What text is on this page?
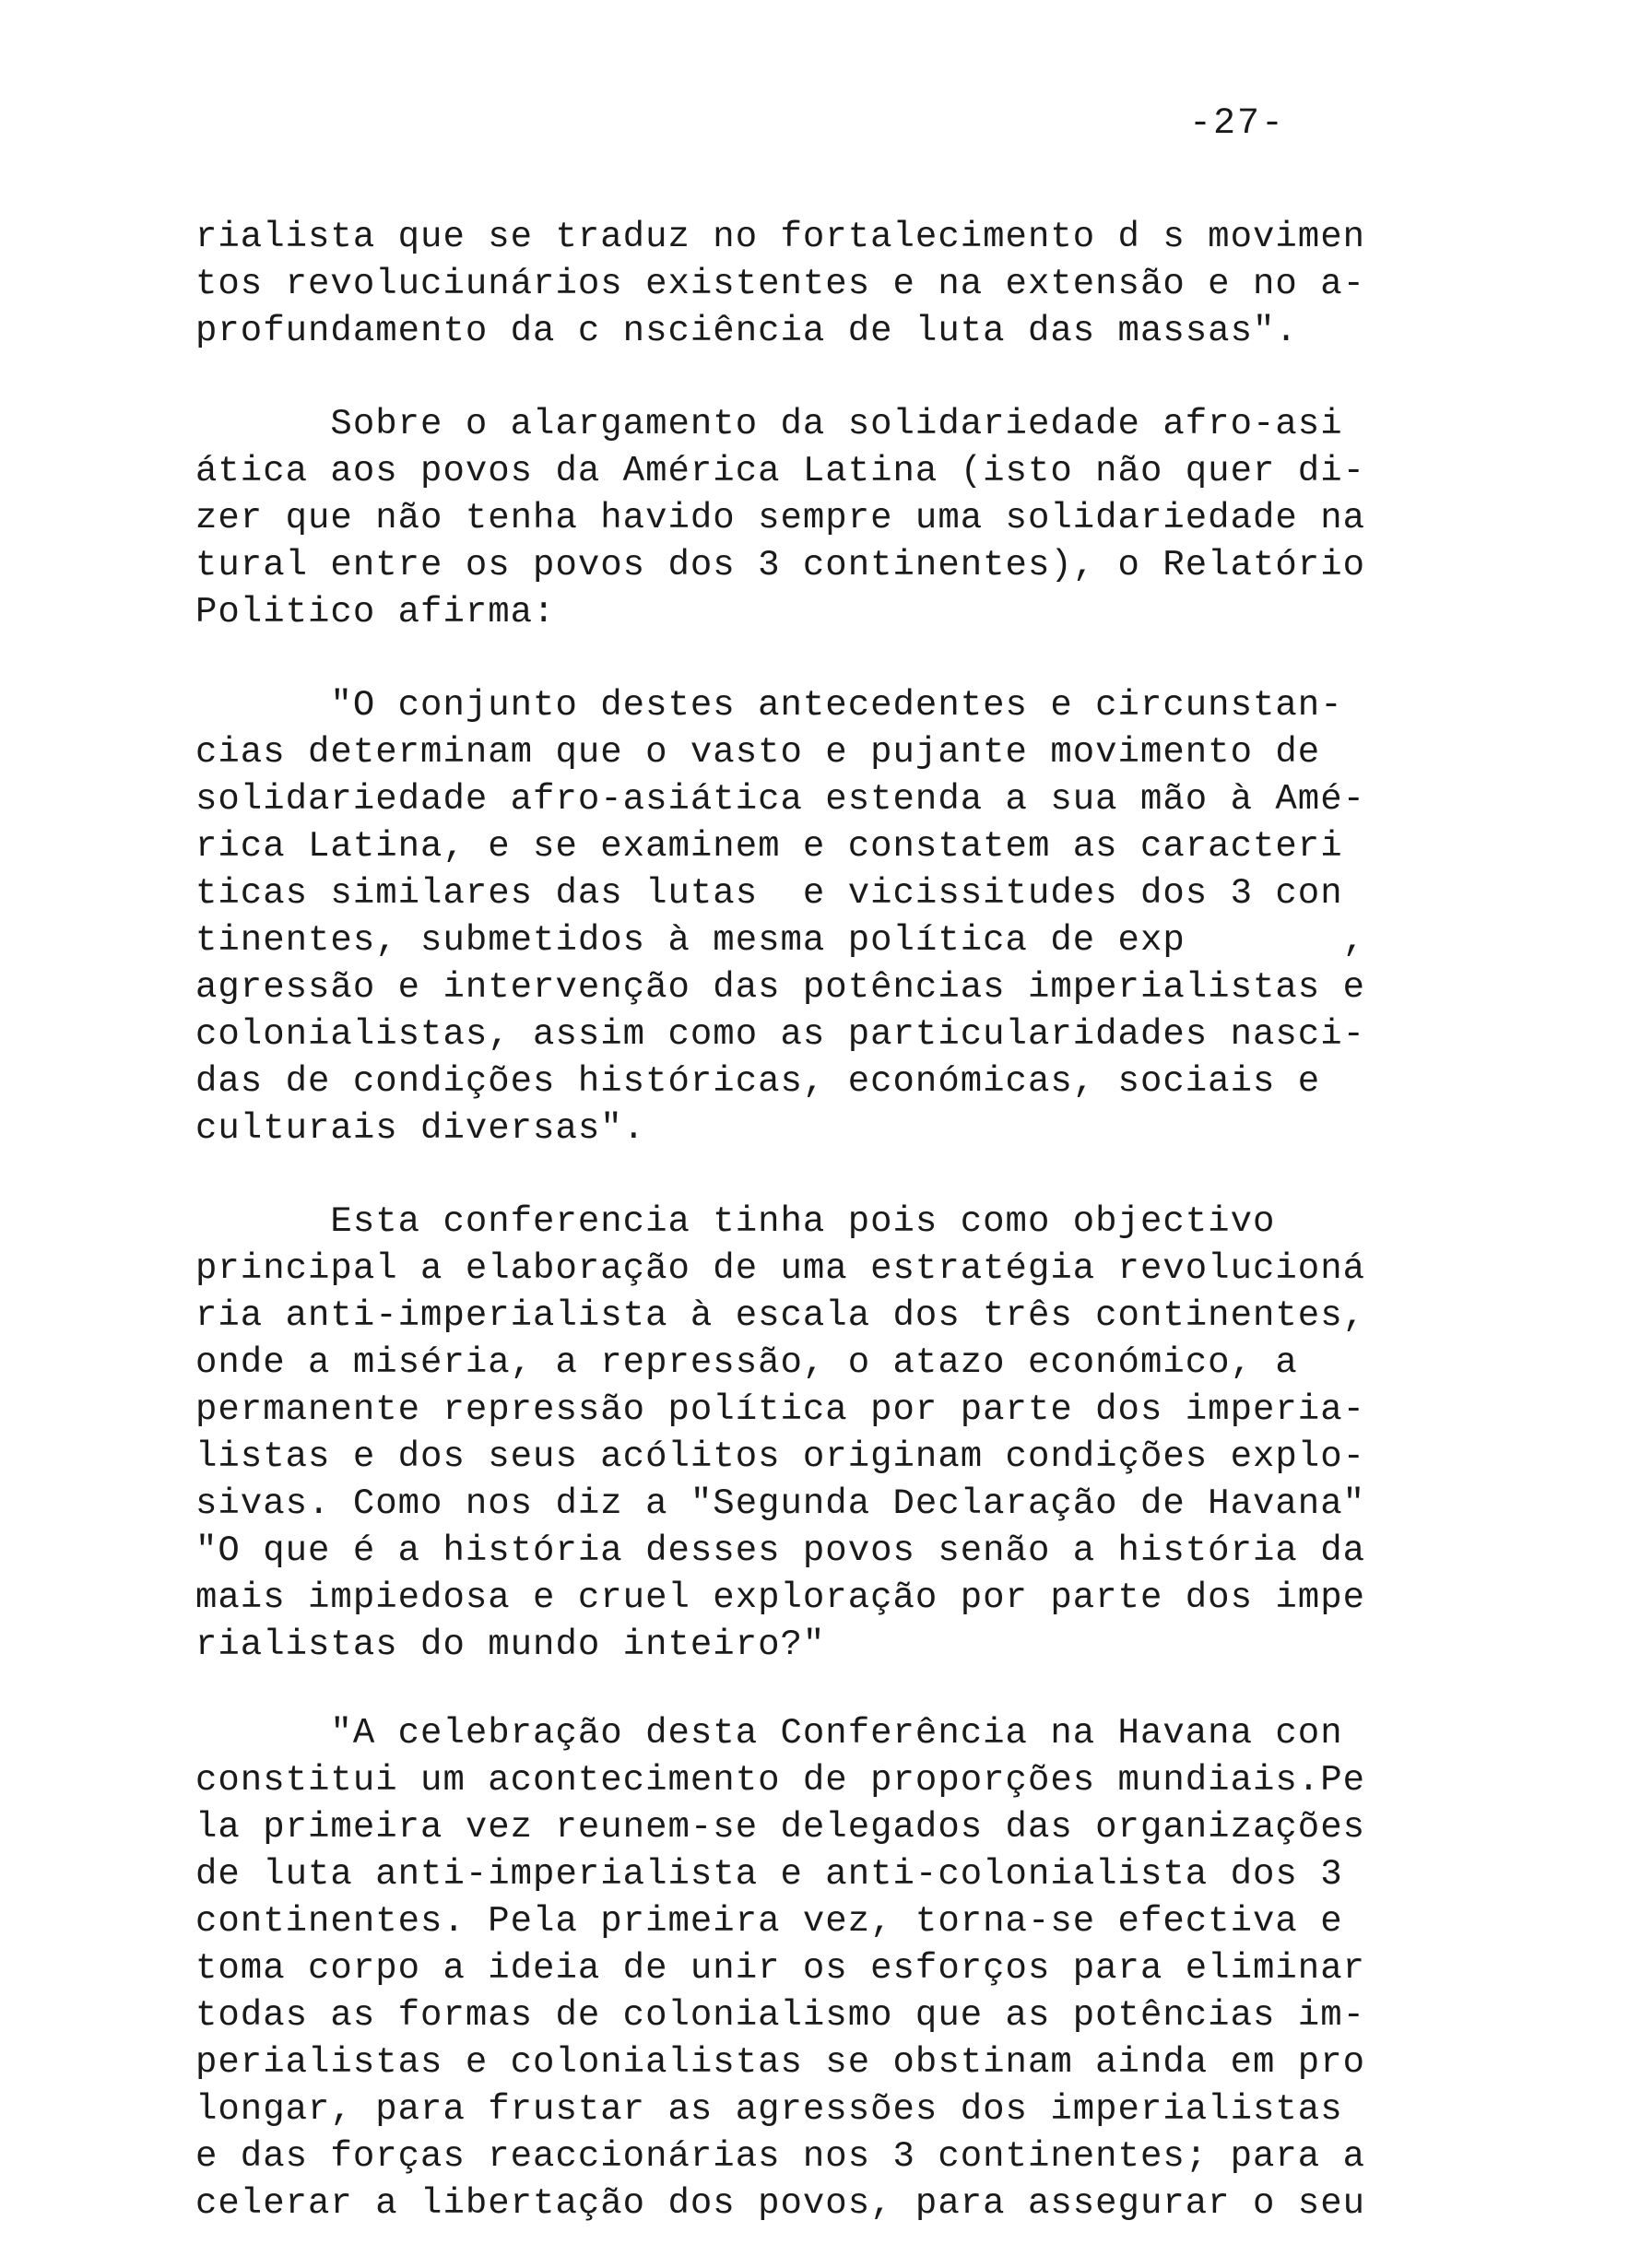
-27-

rialista que se traduz no fortalecimento d s movimen
tos revoluciunários existentes e na extensão e no a-
profundamento da c nsciência de luta das massas".

Sobre o alargamento da solidariedade afro-asi
ática aos povos da América Latina (isto não quer di-
zer que não tenha havido sempre uma solidariedade na
tural entre os povos dos 3 continentes), o Relatório
Politico afirma:

"O conjunto destes antecedentes e circunstan-
cias determinam que o vasto e pujante movimento de
solidariedade afro-asiática estenda a sua mão à Amé-
rica Latina, e se examinem e constatem as caracteri
ticas similares das lutas  e vicissitudes dos 3 con
tinentes, submetidos à mesma política de exp       ,
agressão e intervenção das potências imperialistas e
colonialistas, assim como as particularidades nasci-
das de condições históricas, económicas, sociais e
culturais diversas".

Esta conferencia tinha pois como objectivo
principal a elaboração de uma estratégia revolucioná
ria anti-imperialista à escala dos três continentes,
onde a miséria, a repressão, o atazo económico, a
permanente repressão política por parte dos imperia-
listas e dos seus acólitos originam condições explo-
sivas. Como nos diz a "Segunda Declaração de Havana"
"O que é a história desses povos senão a história da
mais impiedosa e cruel exploração por parte dos impe
rialistas do mundo inteiro?"

"A celebração desta Conferência na Havana con
constitui um acontecimento de proporções mundiais.Pe
la primeira vez reunem-se delegados das organizações
de luta anti-imperialista e anti-colonialista dos 3
continentes. Pela primeira vez, torna-se efectiva e
toma corpo a ideia de unir os esforços para eliminar
todas as formas de colonialismo que as potências im-
perialistas e colonialistas se obstinam ainda em pro
longar, para frustar as agressões dos imperialistas
e das forças reaccionárias nos 3 continentes; para a
celerar a libertação dos povos, para assegurar o seu
